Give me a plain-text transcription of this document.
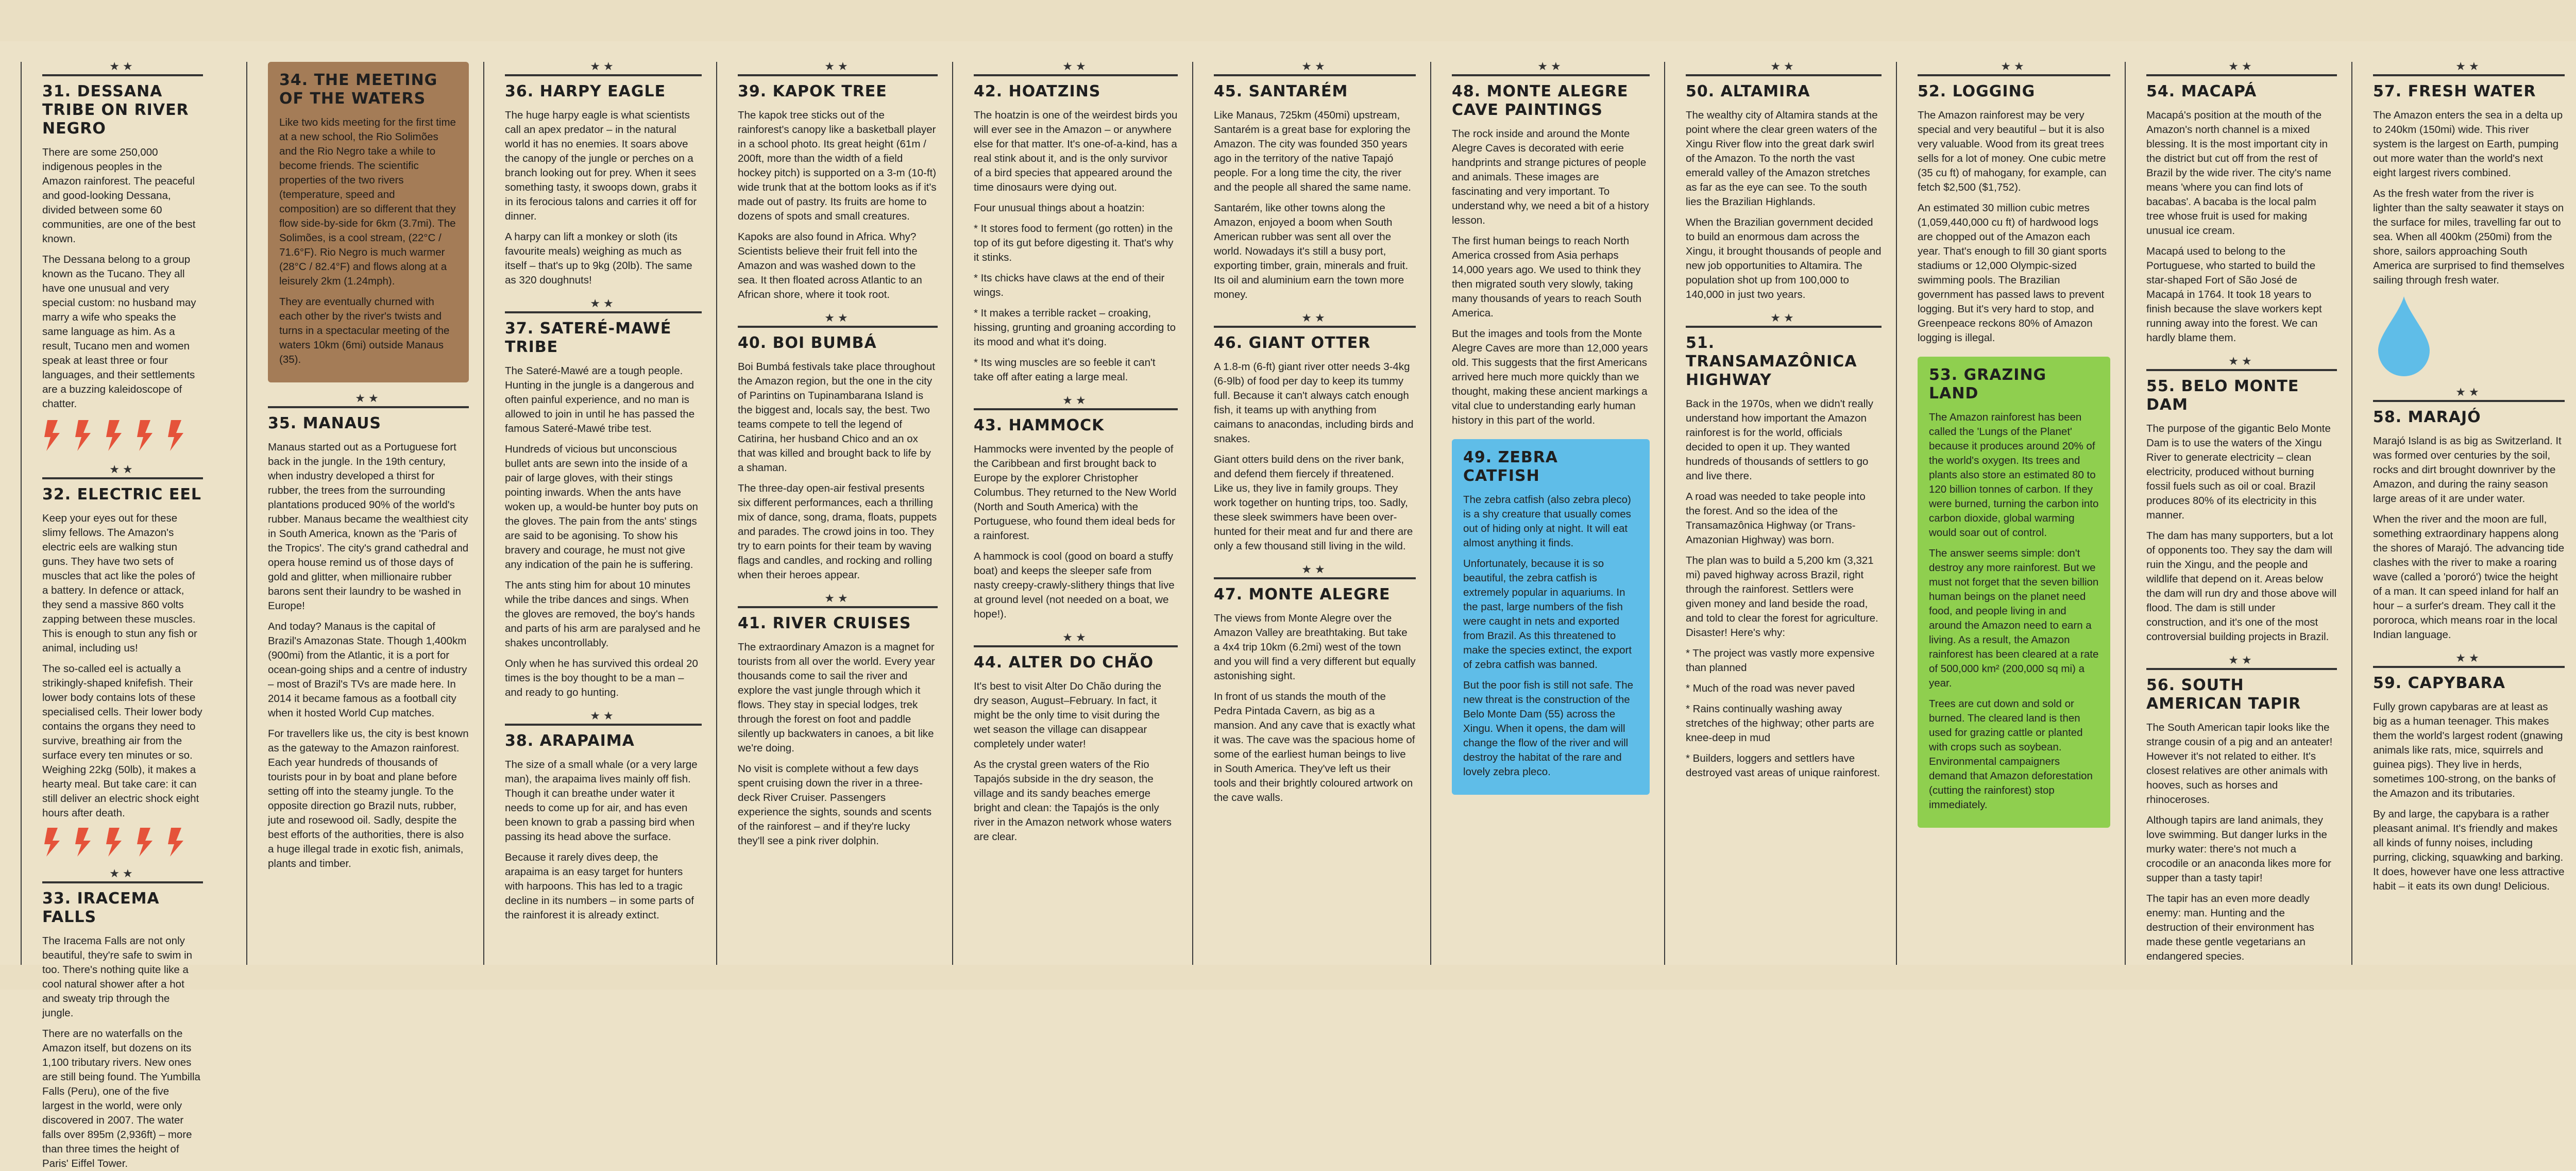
★★
31. DESSANA TRIBE ON RIVER NEGRO

There are some 250,000 indigenous peoples in the Amazon rainforest. The peaceful and good-looking Dessana, divided between some 60 communities, are one of the best known.

The Dessana belong to a group known as the Tucano. They all have one unusual and very special custom: no husband may marry a wife who speaks the same language as him. As a result, Tucano men and women speak at least three or four languages, and their settlements are a buzzing kaleidoscope of chatter.

★★
32. ELECTRIC EEL

Keep your eyes out for these slimy fellows. The Amazon's electric eels are walking stun guns. They have two sets of muscles that act like the poles of a battery. In defence or attack, they send a massive 860 volts zapping between these muscles. This is enough to stun any fish or animal, including us!

The so-called eel is actually a strikingly-shaped knifefish. Their lower body contains lots of these specialised cells. Their lower body contains the organs they need to survive, breathing air from the surface every ten minutes or so. Weighing 22kg (50lb), it makes a hearty meal. But take care: it can still deliver an electric shock eight hours after death.

★★
33. IRACEMA FALLS

The Iracema Falls are not only beautiful, they're safe to swim in too. There's nothing quite like a cool natural shower after a hot and sweaty trip through the jungle.

There are no waterfalls on the Amazon itself, but dozens on its 1,100 tributary rivers. New ones are still being found. The Yumbilla Falls (Peru), one of the five largest in the world, were only discovered in 2007. The water falls over 895m (2,936ft) – more than three times the height of Paris' Eiffel Tower.

34. THE MEETING OF THE WATERS

Like two kids meeting for the first time at a new school, the Rio Solimões and the Rio Negro take a while to become friends. The scientific properties of the two rivers (temperature, speed and composition) are so different that they flow side-by-side for 6km (3.7mi). The Solimões, is a cool stream, (22°C / 71.6°F). Rio Negro is much warmer (28°C / 82.4°F) and flows along at a leisurely 2km (1.24mph).

They are eventually churned with each other by the river's twists and turns in a spectacular meeting of the waters 10km (6mi) outside Manaus (35).

★★
35. MANAUS

Manaus started out as a Portuguese fort back in the jungle. In the 19th century, when industry developed a thirst for rubber, the trees from the surrounding plantations produced 90% of the world's rubber. Manaus became the wealthiest city in South America, known as the 'Paris of the Tropics'. The city's grand cathedral and opera house remind us of those days of gold and glitter, when millionaire rubber barons sent their laundry to be washed in Europe!

And today? Manaus is the capital of Brazil's Amazonas State. Though 1,400km (900mi) from the Atlantic, it is a port for ocean-going ships and a centre of industry – most of Brazil's TVs are made here. In 2014 it became famous as a football city when it hosted World Cup matches.

For travellers like us, the city is best known as the gateway to the Amazon rainforest. Each year hundreds of thousands of tourists pour in by boat and plane before setting off into the steamy jungle. To the opposite direction go Brazil nuts, rubber, jute and rosewood oil. Sadly, despite the best efforts of the authorities, there is also a huge illegal trade in exotic fish, animals, plants and timber.

★★
36. HARPY EAGLE

The huge harpy eagle is what scientists call an apex predator – in the natural world it has no enemies. It soars above the canopy of the jungle or perches on a branch looking out for prey. When it sees something tasty, it swoops down, grabs it in its ferocious talons and carries it off for dinner.

A harpy can lift a monkey or sloth (its favourite meals) weighing as much as itself – that's up to 9kg (20lb). The same as 320 doughnuts!

★★
37. SATERÉ-MAWÉ TRIBE

The Sateré-Mawé are a tough people. Hunting in the jungle is a dangerous and often painful experience, and no man is allowed to join in until he has passed the famous Sateré-Mawé tribe test.

Hundreds of vicious but unconscious bullet ants are sewn into the inside of a pair of large gloves, with their stings pointing inwards. When the ants have woken up, a would-be hunter boy puts on the gloves. The pain from the ants' stings are said to be agonising. To show his bravery and courage, he must not give any indication of the pain he is suffering.

The ants sting him for about 10 minutes while the tribe dances and sings. When the gloves are removed, the boy's hands and parts of his arm are paralysed and he shakes uncontrollably.

Only when he has survived this ordeal 20 times is the boy thought to be a man – and ready to go hunting.

★★
38. ARAPAIMA

The size of a small whale (or a very large man), the arapaima lives mainly off fish. Though it can breathe under water it needs to come up for air, and has even been known to grab a passing bird when passing its head above the surface.

Because it rarely dives deep, the arapaima is an easy target for hunters with harpoons. This has led to a tragic decline in its numbers – in some parts of the rainforest it is already extinct.

★★
39. KAPOK TREE

The kapok tree sticks out of the rainforest's canopy like a basketball player in a school photo. Its great height (61m / 200ft, more than the width of a field hockey pitch) is supported on a 3-m (10-ft) wide trunk that at the bottom looks as if it's made out of pastry. Its fruits are home to dozens of spots and small creatures.

Kapoks are also found in Africa. Why? Scientists believe their fruit fell into the Amazon and was washed down to the sea. It then floated across Atlantic to an African shore, where it took root.

★★
40. BOI BUMBÁ

Boi Bumbá festivals take place throughout the Amazon region, but the one in the city of Parintins on Tupinambarana Island is the biggest and, locals say, the best. Two teams compete to tell the legend of Catirina, her husband Chico and an ox that was killed and brought back to life by a shaman.

The three-day open-air festival presents six different performances, each a thrilling mix of dance, song, drama, floats, puppets and parades. The crowd joins in too. They try to earn points for their team by waving flags and candles, and rocking and rolling when their heroes appear.

★★
41. RIVER CRUISES

The extraordinary Amazon is a magnet for tourists from all over the world. Every year thousands come to sail the river and explore the vast jungle through which it flows. They stay in special lodges, trek through the forest on foot and paddle silently up backwaters in canoes, a bit like we're doing.

No visit is complete without a few days spent cruising down the river in a three-deck River Cruiser. Passengers experience the sights, sounds and scents of the rainforest – and if they're lucky they'll see a pink river dolphin.

★★
42. HOATZINS

The hoatzin is one of the weirdest birds you will ever see in the Amazon – or anywhere else for that matter. It's one-of-a-kind, has a real stink about it, and is the only survivor of a bird species that appeared around the time dinosaurs were dying out.

Four unusual things about a hoatzin:

* It stores food to ferment (go rotten) in the top of its gut before digesting it. That's why it stinks.

* Its chicks have claws at the end of their wings.

* It makes a terrible racket – croaking, hissing, grunting and groaning according to its mood and what it's doing.

* Its wing muscles are so feeble it can't take off after eating a large meal.

★★
43. HAMMOCK

Hammocks were invented by the people of the Caribbean and first brought back to Europe by the explorer Christopher Columbus. They returned to the New World (North and South America) with the Portuguese, who found them ideal beds for a rainforest.

A hammock is cool (good on board a stuffy boat) and keeps the sleeper safe from nasty creepy-crawly-slithery things that live at ground level (not needed on a boat, we hope!).

★★
44. ALTER DO CHÃO

It's best to visit Alter Do Chão during the dry season, August–February. In fact, it might be the only time to visit during the wet season the village can disappear completely under water!

As the crystal green waters of the Rio Tapajós subside in the dry season, the village and its sandy beaches emerge bright and clean: the Tapajós is the only river in the Amazon network whose waters are clear.

★★
45. SANTARÉM

Like Manaus, 725km (450mi) upstream, Santarém is a great base for exploring the Amazon. The city was founded 350 years ago in the territory of the native Tapajó people. For a long time the city, the river and the people all shared the same name.

Santarém, like other towns along the Amazon, enjoyed a boom when South American rubber was sent all over the world. Nowadays it's still a busy port, exporting timber, grain, minerals and fruit. Its oil and aluminium earn the town more money.

★★
46. GIANT OTTER

A 1.8-m (6-ft) giant river otter needs 3-4kg (6-9lb) of food per day to keep its tummy full. Because it can't always catch enough fish, it teams up with anything from caimans to anacondas, including birds and snakes.

Giant otters build dens on the river bank, and defend them fiercely if threatened. Like us, they live in family groups. They work together on hunting trips, too. Sadly, these sleek swimmers have been over-hunted for their meat and fur and there are only a few thousand still living in the wild.

★★
47. MONTE ALEGRE

The views from Monte Alegre over the Amazon Valley are breathtaking. But take a 4x4 trip 10km (6.2mi) west of the town and you will find a very different but equally astonishing sight.

In front of us stands the mouth of the Pedra Pintada Cavern, as big as a mansion. And any cave that is exactly what it was. The cave was the spacious home of some of the earliest human beings to live in South America. They've left us their tools and their brightly coloured artwork on the cave walls.

★★
48. MONTE ALEGRE CAVE PAINTINGS

The rock inside and around the Monte Alegre Caves is decorated with eerie handprints and strange pictures of people and animals. These images are fascinating and very important. To understand why, we need a bit of a history lesson.

The first human beings to reach North America crossed from Asia perhaps 14,000 years ago. We used to think they then migrated south very slowly, taking many thousands of years to reach South America.

But the images and tools from the Monte Alegre Caves are more than 12,000 years old. This suggests that the first Americans arrived here much more quickly than we thought, making these ancient markings a vital clue to understanding early human history in this part of the world.

49. ZEBRA CATFISH

The zebra catfish (also zebra pleco) is a shy creature that usually comes out of hiding only at night. It will eat almost anything it finds.

Unfortunately, because it is so beautiful, the zebra catfish is extremely popular in aquariums. In the past, large numbers of the fish were caught in nets and exported from Brazil. As this threatened to make the species extinct, the export of zebra catfish was banned.

But the poor fish is still not safe. The new threat is the construction of the Belo Monte Dam (55) across the Xingu. When it opens, the dam will change the flow of the river and will destroy the habitat of the rare and lovely zebra pleco.

★★
50. ALTAMIRA

The wealthy city of Altamira stands at the point where the clear green waters of the Xingu River flow into the great dark swirl of the Amazon. To the north the vast emerald valley of the Amazon stretches as far as the eye can see. To the south lies the Brazilian Highlands.

When the Brazilian government decided to build an enormous dam across the Xingu, it brought thousands of people and new job opportunities to Altamira. The population shot up from 100,000 to 140,000 in just two years.

★★
51. TRANSAMAZÔNICA HIGHWAY

Back in the 1970s, when we didn't really understand how important the Amazon rainforest is for the world, officials decided to open it up. They wanted hundreds of thousands of settlers to go and live there.

A road was needed to take people into the forest. And so the idea of the Transamazônica Highway (or Trans-Amazonian Highway) was born.

The plan was to build a 5,200 km (3,321 mi) paved highway across Brazil, right through the rainforest. Settlers were given money and land beside the road, and told to clear the forest for agriculture. Disaster! Here's why:

* The project was vastly more expensive than planned

* Much of the road was never paved

* Rains continually washing away stretches of the highway; other parts are knee-deep in mud

* Builders, loggers and settlers have destroyed vast areas of unique rainforest.

★★
52. LOGGING

The Amazon rainforest may be very special and very beautiful – but it is also very valuable. Wood from its great trees sells for a lot of money. One cubic metre (35 cu ft) of mahogany, for example, can fetch $2,500 ($1,752).

An estimated 30 million cubic metres (1,059,440,000 cu ft) of hardwood logs are chopped out of the Amazon each year. That's enough to fill 30 giant sports stadiums or 12,000 Olympic-sized swimming pools. The Brazilian government has passed laws to prevent logging. But it's very hard to stop, and Greenpeace reckons 80% of Amazon logging is illegal.

53. GRAZING LAND

The Amazon rainforest has been called the 'Lungs of the Planet' because it produces around 20% of the world's oxygen. Its trees and plants also store an estimated 80 to 120 billion tonnes of carbon. If they were burned, turning the carbon into carbon dioxide, global warming would soar out of control.

The answer seems simple: don't destroy any more rainforest. But we must not forget that the seven billion human beings on the planet need food, and people living in and around the Amazon need to earn a living. As a result, the Amazon rainforest has been cleared at a rate of 500,000 km² (200,000 sq mi) a year.

Trees are cut down and sold or burned. The cleared land is then used for grazing cattle or planted with crops such as soybean. Environmental campaigners demand that Amazon deforestation (cutting the rainforest) stop immediately.

★★
54. MACAPÁ

Macapá's position at the mouth of the Amazon's north channel is a mixed blessing. It is the most important city in the district but cut off from the rest of Brazil by the wide river. The city's name means 'where you can find lots of bacabas'. A bacaba is the local palm tree whose fruit is used for making unusual ice cream.

Macapá used to belong to the Portuguese, who started to build the star-shaped Fort of São José de Macapá in 1764. It took 18 years to finish because the slave workers kept running away into the forest. We can hardly blame them.

★★
55. BELO MONTE DAM

The purpose of the gigantic Belo Monte Dam is to use the waters of the Xingu River to generate electricity – clean electricity, produced without burning fossil fuels such as oil or coal. Brazil produces 80% of its electricity in this manner.

The dam has many supporters, but a lot of opponents too. They say the dam will ruin the Xingu, and the people and wildlife that depend on it. Areas below the dam will run dry and those above will flood. The dam is still under construction, and it's one of the most controversial building projects in Brazil.

★★
56. SOUTH AMERICAN TAPIR

The South American tapir looks like the strange cousin of a pig and an anteater! However it's not related to either. It's closest relatives are other animals with hooves, such as horses and rhinoceroses.

Although tapirs are land animals, they love swimming. But danger lurks in the murky water: there's not much a crocodile or an anaconda likes more for supper than a tasty tapir!

The tapir has an even more deadly enemy: man. Hunting and the destruction of their environment has made these gentle vegetarians an endangered species.

★★
57. FRESH WATER

The Amazon enters the sea in a delta up to 240km (150mi) wide. This river system is the largest on Earth, pumping out more water than the world's next eight largest rivers combined.

As the fresh water from the river is lighter than the salty seawater it stays on the surface for miles, travelling far out to sea. When all 400km (250mi) from the shore, sailors approaching South America are surprised to find themselves sailing through fresh water.

★★
58. MARAJÓ

Marajó Island is as big as Switzerland. It was formed over centuries by the soil, rocks and dirt brought downriver by the Amazon, and during the rainy season large areas of it are under water.

When the river and the moon are full, something extraordinary happens along the shores of Marajó. The advancing tide clashes with the river to make a roaring wave (called a 'pororó') twice the height of a man. It can speed inland for half an hour – a surfer's dream. They call it the pororoca, which means roar in the local Indian language.

★★
59. CAPYBARA

Fully grown capybaras are at least as big as a human teenager. This makes them the world's largest rodent (gnawing animals like rats, mice, squirrels and guinea pigs). They live in herds, sometimes 100-strong, on the banks of the Amazon and its tributaries.

By and large, the capybara is a rather pleasant animal. It's friendly and makes all kinds of funny noises, including purring, clicking, squawking and barking. It does, however have one less attractive habit – it eats its own dung! Delicious.
